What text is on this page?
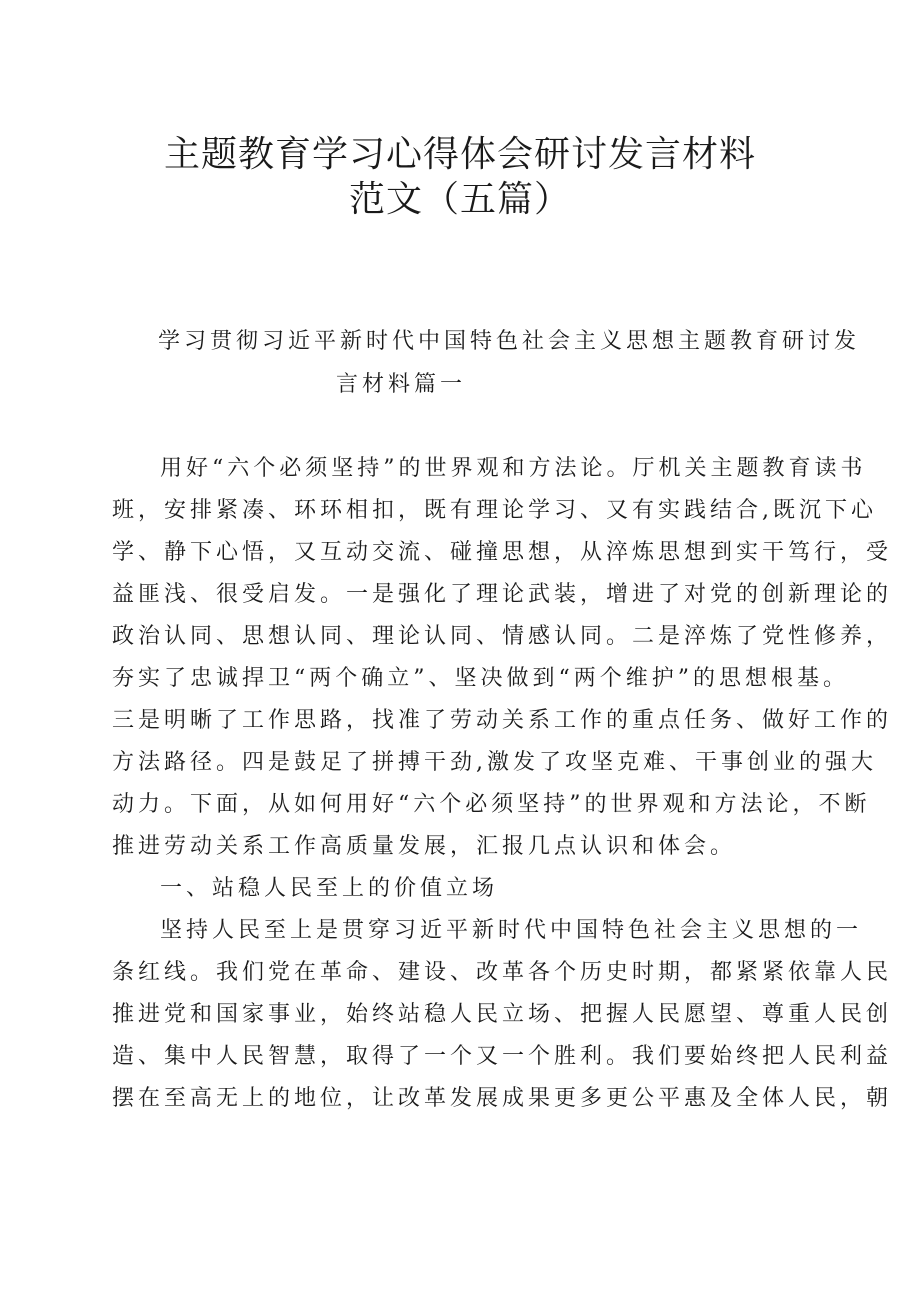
主题教育学习心得体会研讨发言材料
范文（五篇）
学习贯彻习近平新时代中国特色社会主义思想主题教育研讨发
言材料篇一
用好“六个必须坚持”的世界观和方法论。厅机关主题教育读书
班，安排紧凑、环环相扣，既有理论学习、又有实践结合,既沉下心
学、静下心悟，又互动交流、碰撞思想，从淬炼思想到实干笃行，受
益匪浅、很受启发。一是强化了理论武装，增进了对党的创新理论的
政治认同、思想认同、理论认同、情感认同。二是淬炼了党性修养，
夯实了忠诚捍卫“两个确立”、坚决做到“两个维护”的思想根基。
三是明晰了工作思路，找准了劳动关系工作的重点任务、做好工作的
方法路径。四是鼓足了拼搏干劲,激发了攻坚克难、干事创业的强大
动力。下面，从如何用好“六个必须坚持”的世界观和方法论，不断
推进劳动关系工作高质量发展，汇报几点认识和体会。
一、站稳人民至上的价值立场
坚持人民至上是贯穿习近平新时代中国特色社会主义思想的一
条红线。我们党在革命、建设、改革各个历史时期，都紧紧依靠人民
推进党和国家事业，始终站稳人民立场、把握人民愿望、尊重人民创
造、集中人民智慧，取得了一个又一个胜利。我们要始终把人民利益
摆在至高无上的地位，让改革发展成果更多更公平惠及全体人民，朝
